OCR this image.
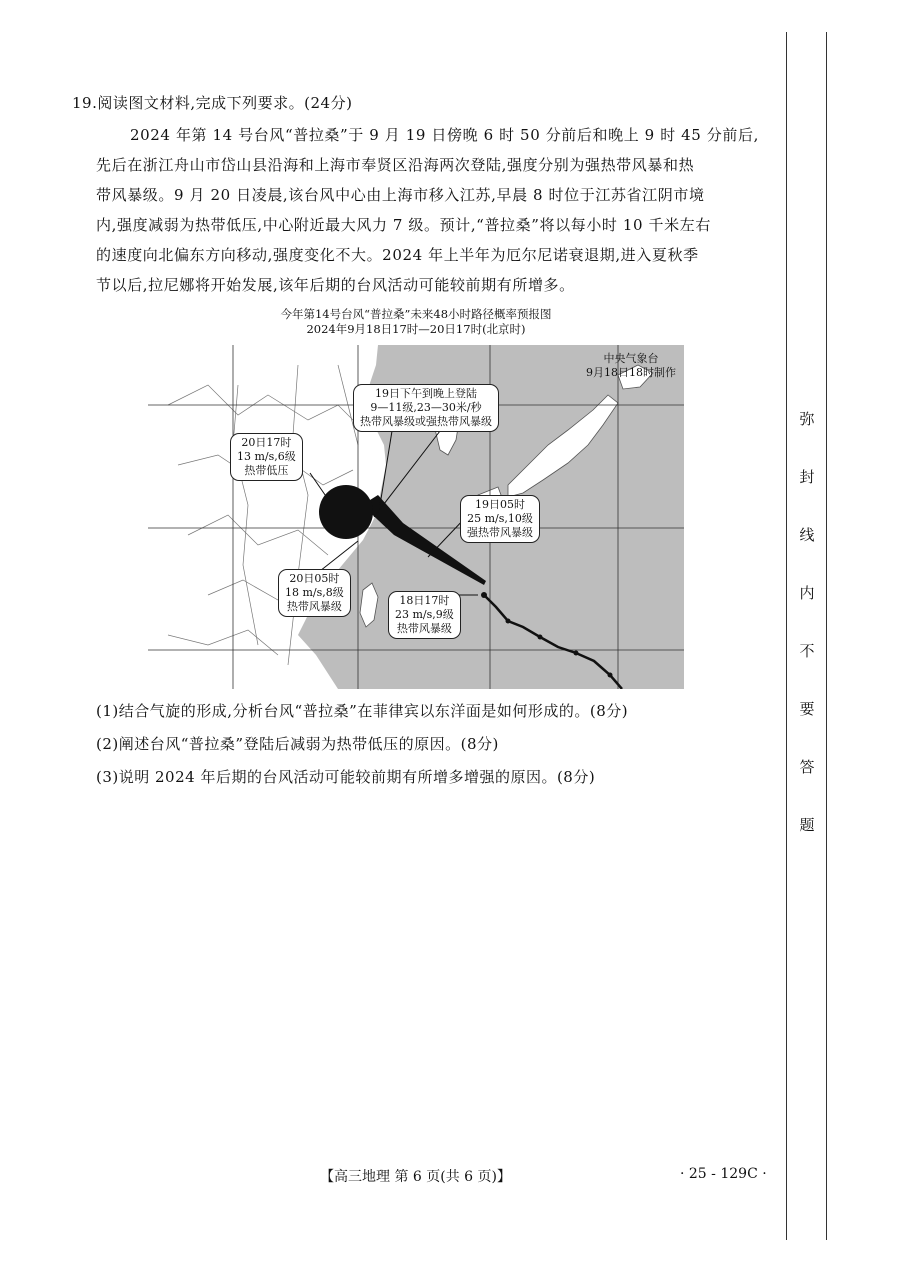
19.阅读图文材料,完成下列要求。(24分)
2024 年第 14 号台风“普拉桑”于 9 月 19 日傍晚 6 时 50 分前后和晚上 9 时 45 分前后,
先后在浙江舟山市岱山县沿海和上海市奉贤区沿海两次登陆,强度分别为强热带风暴和热
带风暴级。9 月 20 日凌晨,该台风中心由上海市移入江苏,早晨 8 时位于江苏省江阴市境
内,强度减弱为热带低压,中心附近最大风力 7 级。预计,“普拉桑”将以每小时 10 千米左右
的速度向北偏东方向移动,强度变化不大。2024 年上半年为厄尔尼诺衰退期,进入夏秋季
节以后,拉尼娜将开始发展,该年后期的台风活动可能较前期有所增多。
今年第14号台风“普拉桑”未来48小时路径概率预报图
2024年9月18日17时—20日17时(北京时)
中央气象台
9月18日18时制作
19日下午到晚上登陆
9—11级,23—30米/秒
热带风暴级或强热带风暴级
20日17时
13 m/s,6级
热带低压
19日05时
25 m/s,10级
强热带风暴级
20日05时
18 m/s,8级
热带风暴级	18日17时
23 m/s,9级
热带风暴级
(1)结合气旋的形成,分析台风“普拉桑”在菲律宾以东洋面是如何形成的。(8分)
(2)阐述台风“普拉桑”登陆后减弱为热带低压的原因。(8分)
(3)说明 2024 年后期的台风活动可能较前期有所增多增强的原因。(8分)
弥
封
线
内
不
要
答
题
【高三地理 第 6 页(共 6 页)】	· 25 - 129C ·
